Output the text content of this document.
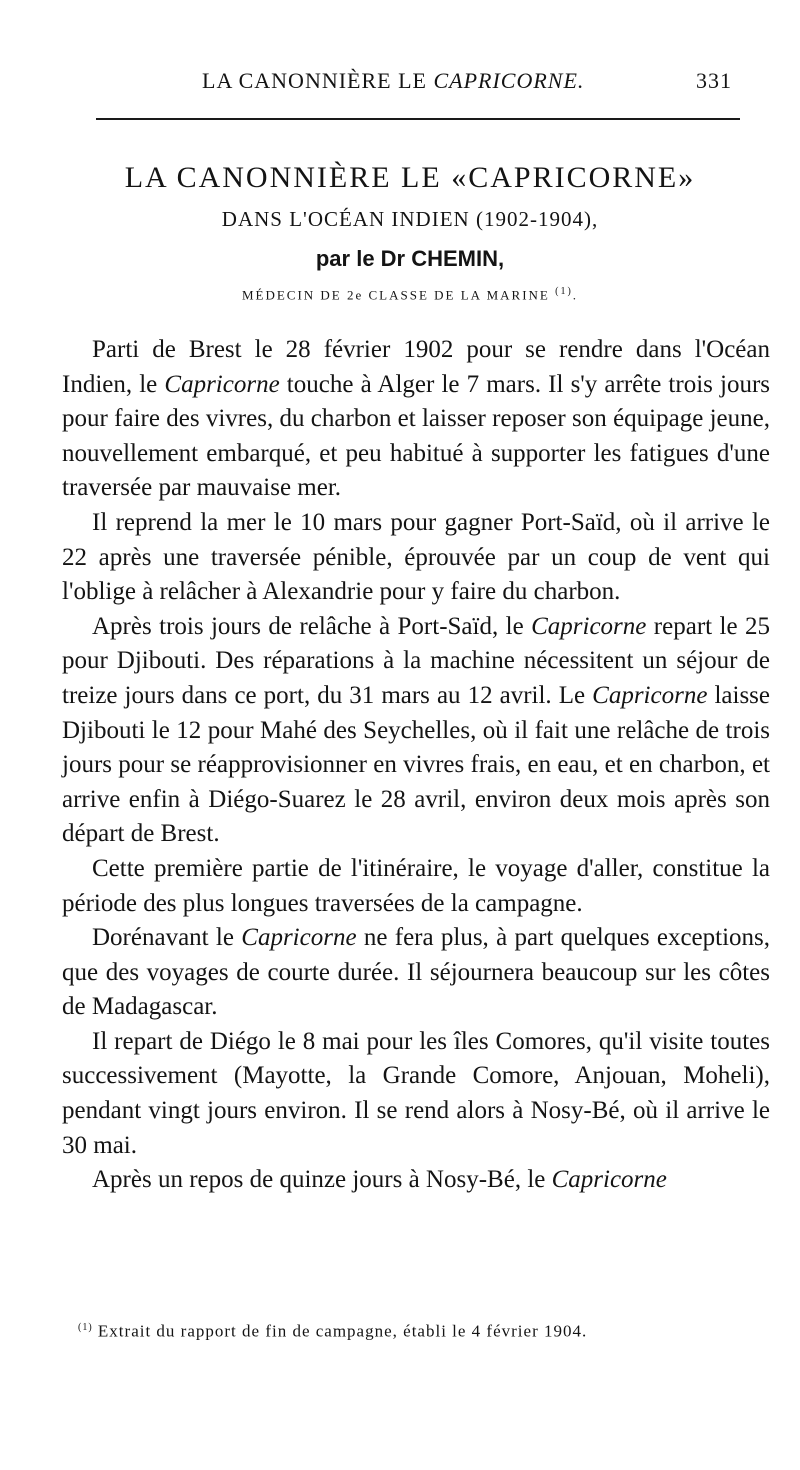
LA CANONNIÈRE LE CAPRICORNE.	331
LA CANONNIÈRE LE «CAPRICORNE»

DANS L'OCÉAN INDIEN (1902-1904),

par le Dr CHEMIN,

MÉDECIN DE 2e CLASSE DE LA MARINE $^{(1)}$.

Parti de Brest le 28 février 1902 pour se rendre dans l'Océan Indien, le Capricorne touche à Alger le 7 mars. Il s'y arrête trois jours pour faire des vivres, du charbon et laisser reposer son équipage jeune, nouvellement embarqué, et peu habitué à supporter les fatigues d'une traversée par mauvaise mer.

Il reprend la mer le 10 mars pour gagner Port-Saïd, où il arrive le 22 après une traversée pénible, éprouvée par un coup de vent qui l'oblige à relâcher à Alexandrie pour y faire du charbon.

Après trois jours de relâche à Port-Saïd, le Capricorne repart le 25 pour Djibouti. Des réparations à la machine nécessitent un séjour de treize jours dans ce port, du 31 mars au 12 avril. Le Capricorne laisse Djibouti le 12 pour Mahé des Seychelles, où il fait une relâche de trois jours pour se réapprovisionner en vivres frais, en eau, et en charbon, et arrive enfin à Diégo-Suarez le 28 avril, environ deux mois après son départ de Brest.

Cette première partie de l'itinéraire, le voyage d'aller, constitue la période des plus longues traversées de la campagne.

Dorénavant le Capricorne ne fera plus, à part quelques exceptions, que des voyages de courte durée. Il séjournera beaucoup sur les côtes de Madagascar.

Il repart de Diégo le 8 mai pour les îles Comores, qu'il visite toutes successivement (Mayotte, la Grande Comore, Anjouan, Moheli), pendant vingt jours environ. Il se rend alors à Nosy-Bé, où il arrive le 30 mai.

Après un repos de quinze jours à Nosy-Bé, le Capricorne

$^{(1)}$ Extrait du rapport de fin de campagne, établi le 4 février 1904.
